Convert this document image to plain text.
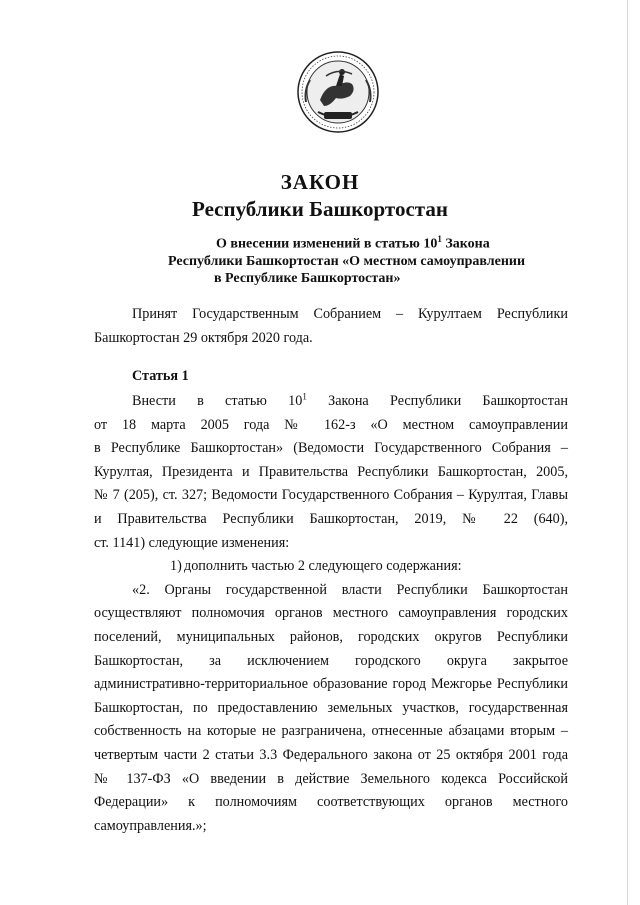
ЗАКОН
Республики Башкортостан
О внесении изменений в статью $10^1$ Закона
Республики Башкортостан «О местном самоуправлении
в Республике Башкортостан»
Принят Государственным Собранием – Курултаем Республики
Башкортостан 29 октября 2020 года.
Статья 1
Внести в статью $10^1$ Закона Республики Башкортостан
от 18 марта 2005 года № 162-з «О местном самоуправлении
в Республике Башкортостан» (Ведомости Государственного Собрания –
Курултая, Президента и Правительства Республики Башкортостан, 2005,
№ 7 (205), ст. 327; Ведомости Государственного Собрания – Курултая, Главы
и Правительства Республики Башкортостан, 2019, № 22 (640),
ст. 1141) следующие изменения:
1) дополнить частью 2 следующего содержания:
«2. Органы государственной власти Республики Башкортостан
осуществляют полномочия органов местного самоуправления городских
поселений, муниципальных районов, городских округов Республики
Башкортостан, за исключением городского округа закрытое
административно-территориальное образование город Межгорье Республики
Башкортостан, по предоставлению земельных участков, государственная
собственность на которые не разграничена, отнесенные абзацами вторым –
четвертым части 2 статьи 3.3 Федерального закона от 25 октября 2001 года
№ 137-ФЗ «О введении в действие Земельного кодекса Российской
Федерации» к полномочиям соответствующих органов местного
самоуправления.»;
